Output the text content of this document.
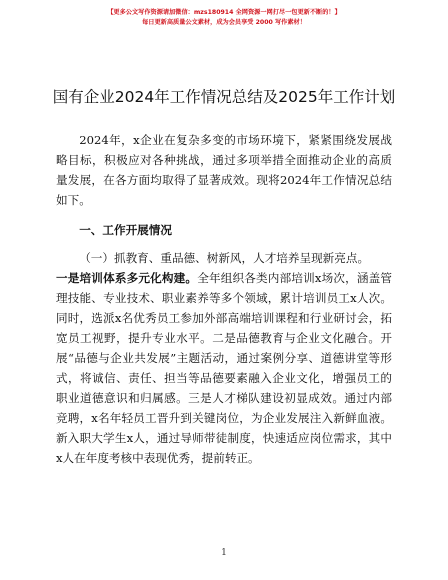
【更多公文写作资源请加微信：mzs180914 全网资源一网打尽一包更新不断的！】
每日更新高质量公文素材，成为会员享受 2000 写作素材！
国有企业2024年工作情况总结及2025年工作计划

2024年，x企业在复杂多变的市场环境下，紧紧围绕发展战略目标，积极应对各种挑战，通过多项举措全面推动企业的高质量发展，在各方面均取得了显著成效。现将2024年工作情况总结如下。

一、工作开展情况

（一）抓教育、重品德、树新风，人才培养呈现新亮点。

一是培训体系多元化构建。全年组织各类内部培训x场次，涵盖管理技能、专业技术、职业素养等多个领域，累计培训员工x人次。同时，选派x名优秀员工参加外部高端培训课程和行业研讨会，拓宽员工视野，提升专业水平。二是品德教育与企业文化融合。开展“品德与企业共发展”主题活动，通过案例分享、道德讲堂等形式，将诚信、责任、担当等品德要素融入企业文化，增强员工的职业道德意识和归属感。三是人才梯队建设初显成效。通过内部竞聘，x名年轻员工晋升到关键岗位，为企业发展注入新鲜血液。新入职大学生x人，通过导师带徒制度，快速适应岗位需求，其中x人在年度考核中表现优秀，提前转正。

1
